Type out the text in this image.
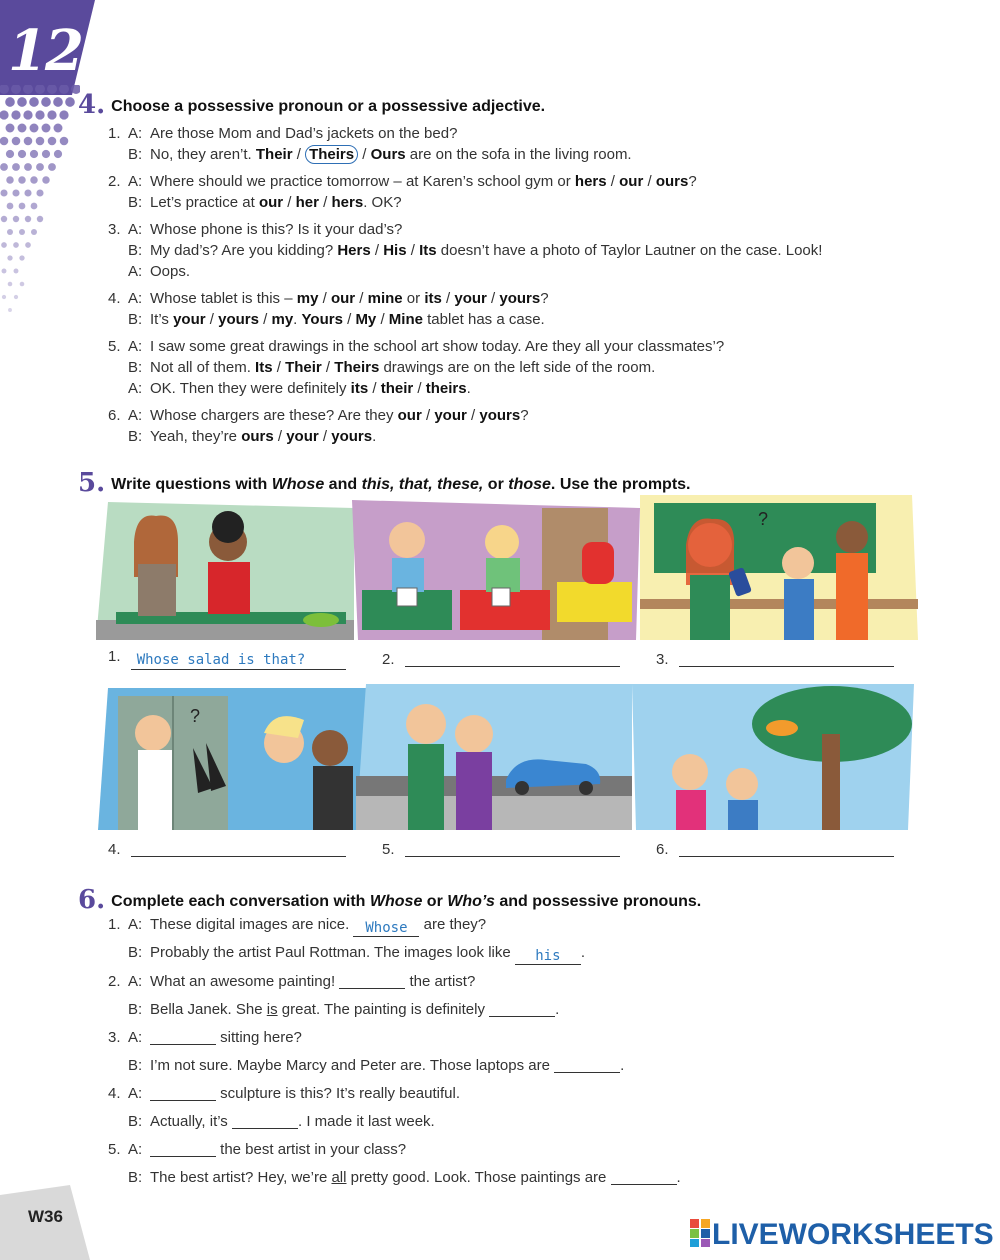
12
4. Choose a possessive pronoun or a possessive adjective.
1. A: Are those Mom and Dad’s jackets on the bed?
B: No, they aren’t. Their / Theirs / Ours are on the sofa in the living room.
2. A: Where should we practice tomorrow – at Karen’s school gym or hers / our / ours?
B: Let’s practice at our / her / hers. OK?
3. A: Whose phone is this? Is it your dad’s?
B: My dad’s? Are you kidding? Hers / His / Its doesn’t have a photo of Taylor Lautner on the case. Look!
A: Oops.
4. A: Whose tablet is this – my / our / mine or its / your / yours?
B: It’s your / yours / my. Yours / My / Mine tablet has a case.
5. A: I saw some great drawings in the school art show today. Are they all your classmates’?
B: Not all of them. Its / Their / Theirs drawings are on the left side of the room.
A: OK. Then they were definitely its / their / theirs.
6. A: Whose chargers are these? Are they our / your / yours?
B: Yeah, they’re ours / your / yours.
5. Write questions with Whose and this, that, these, or those. Use the prompts.
?
1. Whose salad is that?	2.	3.
?
4.	5.	6.
6. Complete each conversation with Whose or Who’s and possessive pronouns.
1. A: These digital images are nice. Whose are they?
B: Probably the artist Paul Rottman. The images look like his .
2. A: What an awesome painting!	the artist?
B: Bella Janek. She is great. The painting is definitely	.
3. A:	sitting here?
B: I’m not sure. Maybe Marcy and Peter are. Those laptops are	.
4. A:	sculpture is this? It’s really beautiful.
B: Actually, it’s	. I made it last week.
5. A:	the best artist in your class?
B: The best artist? Hey, we’re all pretty good. Look. Those paintings are	.
W36
LIVEWORKSHEETS
